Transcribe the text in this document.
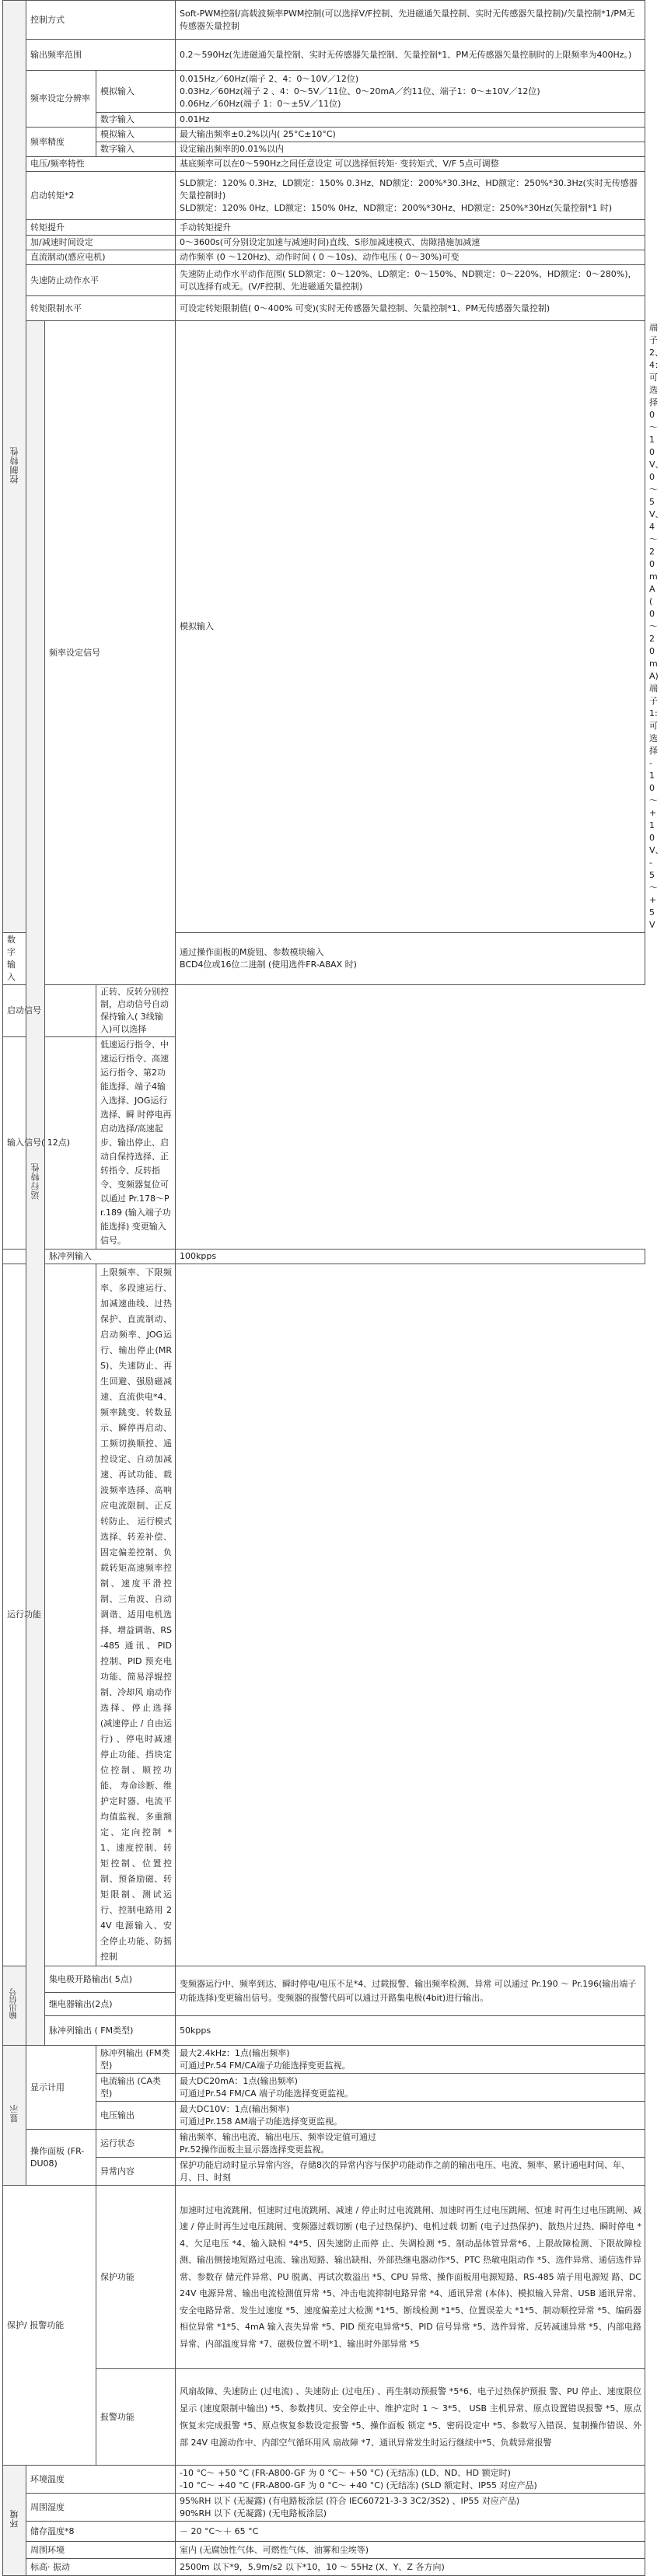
控制特性	控制方式			Soft-PWM控制/高载波频率PWM控制(可以选择V/F控制、先进磁通矢量控制、实时无传感器矢量控制)/矢量控制*1/PM无传感器矢量控制	
	输出频率范围			0.2～590Hz(先进磁通矢量控制、实时无传感器矢量控制、矢量控制*1、PM无传感器矢量控制时的上限频率为400Hz。)	
	频率设定分辨率		模拟输入	0.015Hz／60Hz(端子 2、4：0～10V／12位)
0.03Hz／60Hz(端子 2 、4：0～5V／11位、0～20mA／约11位、端子1：0～±10V／12位)
0.06Hz／60Hz(端子 1：0～±5V／11位)	

			数字输入	0.01Hz	
	频率精度		模拟输入	最大输出频率±0.2%以内( 25°C±10°C)	
			数字输入	设定输出频率的0.01%以内	
	电压/频率特性			基底频率可以在0～590Hz之间任意设定 可以选择恒转矩· 变转矩式、V/F 5点可调整	
	启动转矩*2			SLD额定：120% 0.3Hz、LD额定：150% 0.3Hz、ND额定：200%*30.3Hz、HD额定：250%*30.3Hz(实时无传感器矢量控制时)
SLD额定：120% 0Hz、LD额定：150% 0Hz、ND额定：200%*30Hz、HD额定：250%*30Hz(矢量控制*1 时)	

	转矩提升			手动转矩提升	
	加/减速时间设定			0～3600s(可分别设定加速与减速时间)直线、S形加减速模式、齿隙措施加减速	
	直流制动(感应电机)			动作频率 (0 ～120Hz)、动作时间 ( 0 ～10s)、动作电压 ( 0～30%)可变	
	失速防止动作水平			失速防止动作水平动作范围( SLD额定：0～120%、LD额定：0～150%、ND额定：0～220%、HD额定：0～280%)，可以选择有或无。(V/F控制、先进磁通矢量控制)	
	转矩限制水平			可设定转矩限制值( 0～400% 可变)(实时无传感器矢量控制、矢量控制*1、PM无传感器矢量控制)	
	运行特性	频率设定信号		模拟输入	端子2、4：可选择0～10V、0～5V、4～20mA( 0 ～20mA)
端子1: 可选择 -10 ～+10V、- 5～+5V

数字输入				通过操作面板的M旋钮、参数模块输入
BCD4位或16位二进制 (使用选件FR-A8AX 时)	

启动信号			正转、反转分别控制，启动信号自动保持输入( 3线输入)可以选择		
输入信号( 12点)			低速运行指令、中速运行指令、高速运行指令、第2功能选择、端子4输入选择、JOG运行选择、瞬 时停电再启动选择/高速起步、输出停止、启动自保持选择、正转指令、反转指令、变频器复位可以通过 Pr.178～Pr.189 (输入端子功能选择) 变更输入信号。		
		脉冲列输入		100kpps	
运行功能			上限频率、下限频率、多段速运行、加减速曲线、过热保护、直流制动、启动频率、JOG运行、输出停止(MRS)、失速防止、再生回避、强励磁减速、直流供电*4、频率跳变、转数显示、瞬停再启动、工频切换顺控、遥控设定、自动加减速、再试功能、载波频率选择、高响应电流限制、正反转防止、 运行模式选择、转差补偿、固定偏差控制、负载转矩高速频率控制、速度平滑控制、三角波、自动 调谐、适用电机选择、增益调谐、RS-485 通讯、PID 控制、PID 预充电功能、简易浮辊控制、冷却风 扇动作选择、停止选择 (减速停止 / 自由运行) 、停电时减速停止功能、挡块定位控制、顺控功能、 寿命诊断、维护定时器、电流平均值监视、多重额定、定向控制 *1、速度控制、转矩控制、位置控 制、预备励磁、转矩限制、测试运行、控制电路用 24V 电源输入、安全停止功能、防摇控制		
输出信号		集电极开路输出( 5点)		变频器运行中、频率到达、瞬时停电/电压不足*4、过载报警、输出频率检测、异常 可以通过 Pr.190 ～ Pr.196(输出端子功能选择)变更输出信号。变频器的报警代码可以通过开路集电极(4bit)进行输出。	
		继电器输出(2点)			
		脉冲列输出 ( FM类型)		50kpps	
显示	显示计用		脉冲列输出 (FM类型)	最大2.4kHz：1点(输出频率)
可通过Pr.54 FM/CA端子功能选择变更监视。	

			电流输出 (CA类型)	最大DC20mA：1点(输出频率)
可通过Pr.54 FM/CA 端子功能选择变更监视。	

			电压输出	最大DC10V：1点(输出频率)
可通过Pr.158 AM端子功能选择变更监视。	

	操作面板 (FR- DU08)		运行状态	输出频率、输出电流、输出电压、频率设定值可通过
Pr.52操作面板主显示器选择变更监视。	

			异常内容	保护功能启动时显示异常内容，存储8次的异常内容与保护功能动作之前的输出电压、电流、频率、累计通电时间、年、月、日、时刻	
保护/ 报警功能			保护功能	加速时过电流跳闸、恒速时过电流跳闸、减速 / 停止时过电流跳闸、加速时再生过电压跳闸、恒速 时再生过电压跳闸、减速 / 停止时再生过电压跳闸、变频器过载切断 (电子过热保护)、电机过载 切断 (电子过热保护)、散热片过热、瞬时停电 *4、欠足电压 *4、输入缺相 *4*5、因失速防止而停 止、失调检测 *5、制动晶体管异常*6、上限故障检测、下限故障检测、输出侧接地短路过电流、输出短路、输出缺相、外部热继电器动作*5、PTC 热敏电阻动作 *5、选件异常、通信选件异常、参数存 储元件异常、PU 脱离、再试次数溢出 *5、CPU 异常、操作面板用电源短路、RS-485 端子用电源短 路、DC24V 电源异常、输出电流检测值异常 *5、冲击电流抑制电路异常 *4、通讯异常 (本体)、模拟输入异常、USB 通讯异常、安全电路异常、发生过速度 *5、速度偏差过大检测 *1*5、断线检测 *1*5、位置误差大 *1*5、制动顺控异常 *5、编码器相位异常 *1*5、4mA 输入丧失异常 *5、PID 预充电异常*5、PID 信号异常 *5、选件异常、反转减速异常 *5、内部电路异常、内部温度异常 *7、磁极位置不明*1、输出时外部异常 *5	
			报警功能	风扇故障、失速防止 (过电流) 、失速防止 (过电压) 、再生制动预报警 *5*6、电子过热保护预报 警、PU 停止、速度限位显示 (速度限制中输出) *5、参数拷贝、安全停止中、维护定时 1 ～ 3*5、 USB 主机异常、原点设置错误报警 *5、原点恢复未完成报警 *5、原点恢复参数设定报警 *5、操作面板 锁定 *5、密码设定中 *5、参数写入错误、复制操作错误、外部 24V 电源动作中、内部空气循环用风 扇故障 *7、通讯异常发生时运行继续中*5、负载异常报警	
环境	环境温度			-10 °C～ +50 °C (FR-A800-GF 为 0 °C～ +50 °C) (无结冻) (LD、ND、HD 额定时)
-10 °C～ +40 °C (FR-A800-GF 为 0 °C～ +40 °C) (无结冻) (SLD 额定时、IP55 对应产品)	

	周围湿度			95%RH 以下 (无凝露) (有电路板涂层 (符合 IEC60721-3-3 3C2/3S2) 、IP55 对应产品)
90%RH 以下 (无凝露) (无电路板涂层)	

	储存温度*8			－ 20 °C～＋ 65 °C	
	周围环境			室内 (无腐蚀性气体、可燃性气体、油雾和尘埃等)	
	标高· 振动			2500m 以下*9，5.9m/s2 以下*10，10 ～ 55Hz (X、Y、Z 各方向)	
